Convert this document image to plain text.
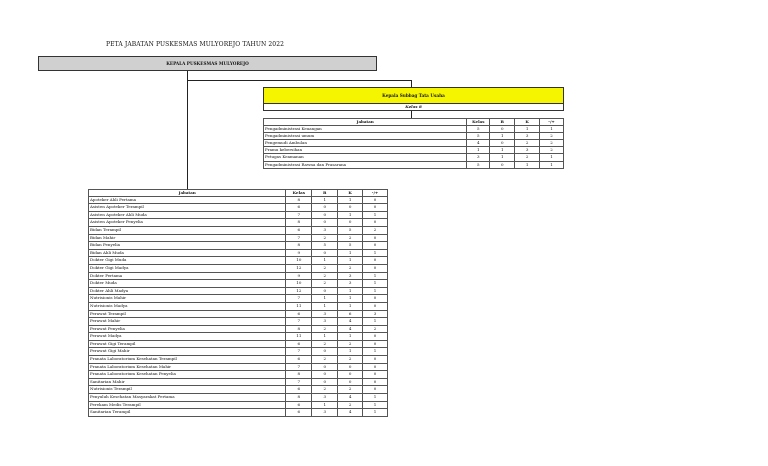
PETA JABATAN PUSKESMAS MULYOREJO TAHUN 2022
KEPALA PUSKESMAS MULYOREJO
Kepala Subbag Tata Usaha
Kelas 8
Jabatan	Kelas	B	K	-/+
Pengadministrasi Keuangan	5	0	1	1
Pengadministrasi umum	5	1	3	2
Pengemudi Ambulan	4	0	2	2
Pramu kebersihan	1	1	3	2
Petugas Keamanan	3	1	2	1
Pengadministrasi Rawna dan Prasarana	5	0	1	1
Jabatan	Kelas	B	K	-/+
Apoteker Ahli Pertama	8	1	1	0
Asisten Apoteker Terampil	6	0	0	0
Asisten Apoteker Ahli Muda	7	0	1	1
Asisten Apoteker Penyelia	8	0	0	0
Bidan Terampil	6	3	5	2
Bidan Mahir	7	2	2	0
Bidan Penyelia	8	5	5	0
Bidan Ahli Muda	9	0	1	1
Dokter Gigi Muda	10	1	1	0
Dokter Gigi Madya	12	2	2	0
Dokter Pertama	9	2	3	1
Dokter Muda	10	2	3	1
Dokter Ahli Madya	12	0	1	1
Nutrisionis Mahir	7	1	1	0
Nutrisionis Madya	11	1	1	0
Perawat Terampil	6	3	6	3
Perawat Mahir	7	3	4	1
Perawat Penyelia	8	2	4	2
Perawat Madya	11	1	1	0
Perawat Gigi Terampil	6	2	2	0
Perawat Gigi Mahir	7	0	1	1
Pranata Laboratorium Kesehatan Terampil	6	2	2	0
Pranata Laboratorium Kesehatan Mahir	7	0	0	0
Pranata Laboratorium Kesehatan Penyelia	8	0	0	0
Sanitarian Mahir	7	0	0	0
Nutrisionis Terampil	6	2	2	0
Penyuluh Kesehatan Masyarakat Pertama	8	3	4	1
Perekam Medis Terampil	6	1	2	1
Sanitarian Terampil	6	3	4	1
